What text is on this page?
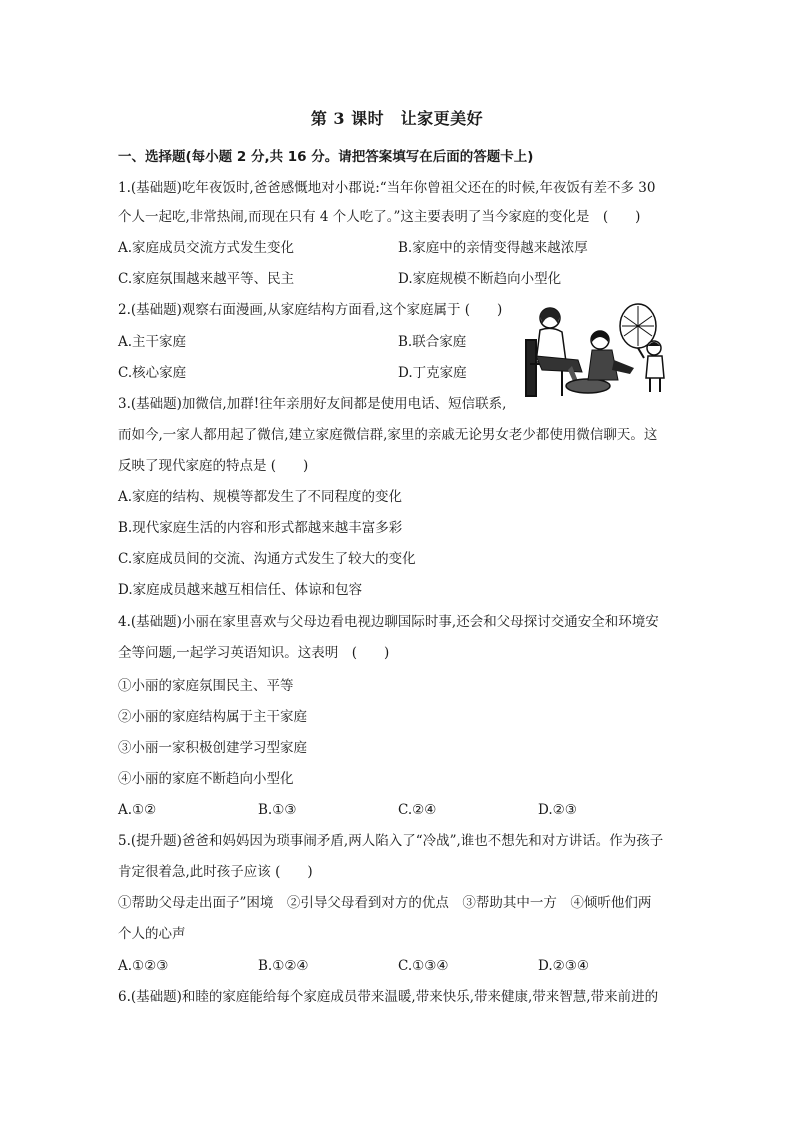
第 3 课时　让家更美好
一、选择题(每小题 2 分,共 16 分。请把答案填写在后面的答题卡上)
1.(基础题)吃年夜饭时,爸爸感慨地对小郡说:“当年你曾祖父还在的时候,年夜饭有差不多 30
个人一起吃,非常热闹,而现在只有 4 个人吃了。”这主要表明了当今家庭的变化是　(　　)
A.家庭成员交流方式发生变化	B.家庭中的亲情变得越来越浓厚
C.家庭氛围越来越平等、民主	D.家庭规模不断趋向小型化
2.(基础题)观察右面漫画,从家庭结构方面看,这个家庭属于 (　　)
A.主干家庭	B.联合家庭
C.核心家庭	D.丁克家庭
3.(基础题)加微信,加群!往年亲朋好友间都是使用电话、短信联系,
而如今,一家人都用起了微信,建立家庭微信群,家里的亲戚无论男女老少都使用微信聊天。这
反映了现代家庭的特点是 (　　)
A.家庭的结构、规模等都发生了不同程度的变化
B.现代家庭生活的内容和形式都越来越丰富多彩
C.家庭成员间的交流、沟通方式发生了较大的变化
D.家庭成员越来越互相信任、体谅和包容
4.(基础题)小丽在家里喜欢与父母边看电视边聊国际时事,还会和父母探讨交通安全和环境安
全等问题,一起学习英语知识。这表明　(　　)
①小丽的家庭氛围民主、平等
②小丽的家庭结构属于主干家庭
③小丽一家积极创建学习型家庭
④小丽的家庭不断趋向小型化
A.①②	B.①③	C.②④	D.②③
5.(提升题)爸爸和妈妈因为琐事闹矛盾,两人陷入了“冷战”,谁也不想先和对方讲话。作为孩子
肯定很着急,此时孩子应该 (　　)
①帮助父母走出面子”困境　②引导父母看到对方的优点　③帮助其中一方　④倾听他们两
个人的心声
A.①②③	B.①②④	C.①③④	D.②③④
6.(基础题)和睦的家庭能给每个家庭成员带来温暖,带来快乐,带来健康,带来智慧,带来前进的
